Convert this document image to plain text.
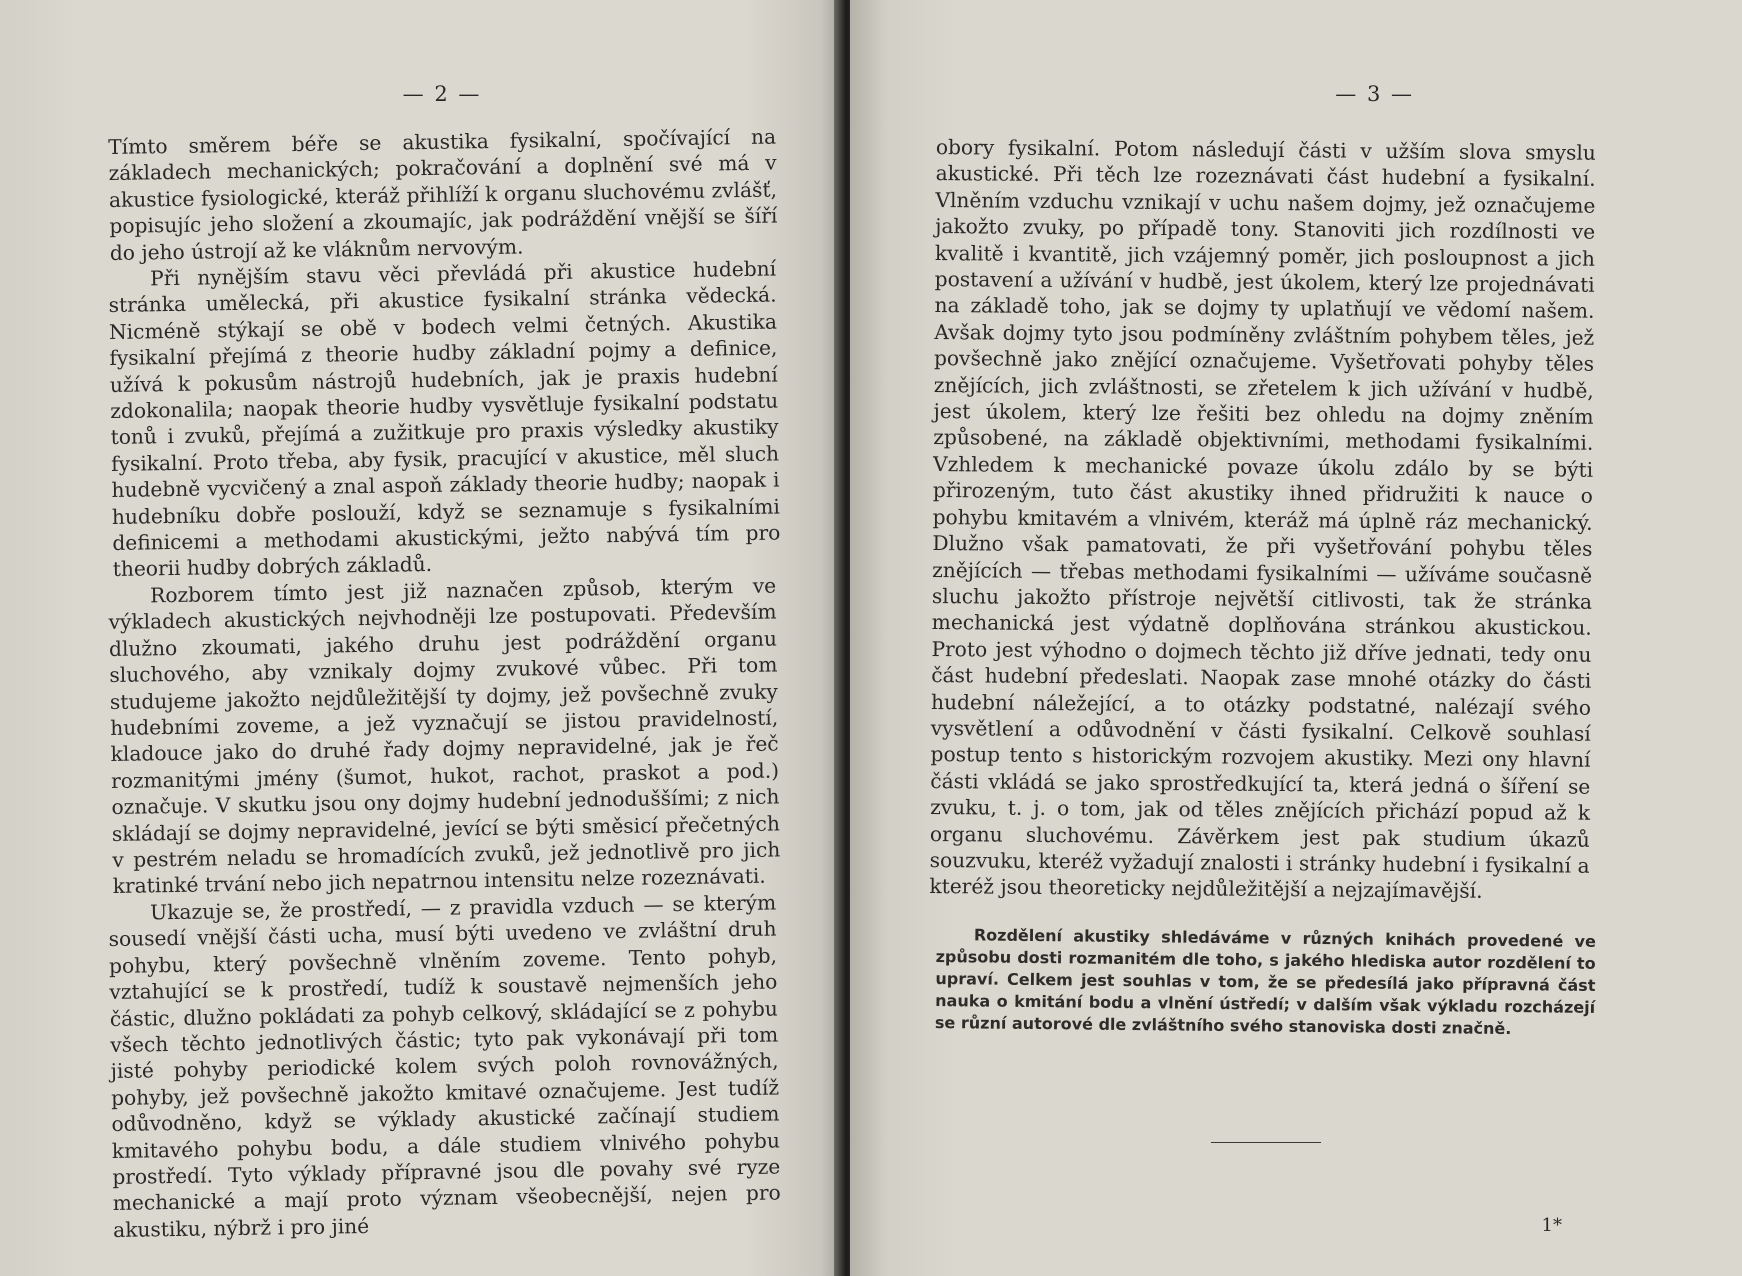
— 2 —

Tímto směrem béře se akustika fysikalní, spočívající na základech mechanických; pokračování a doplnění své má v akustice fysiologické, kteráž přihlíží k organu sluchovému zvlášť, popisujíc jeho složení a zkoumajíc, jak podráždění vnější se šíří do jeho ústrojí až ke vláknům nervovým.

Při nynějším stavu věci převládá při akustice hudební stránka umělecká, při akustice fysikalní stránka vědecká. Nicméně stýkají se obě v bodech velmi četných. Akustika fysikalní přejímá z theorie hudby základní pojmy a definice, užívá k pokusům nástrojů hudebních, jak je praxis hudební zdokonalila; naopak theorie hudby vysvětluje fysikalní podstatu tonů i zvuků, přejímá a zužitkuje pro praxis výsledky akustiky fysikalní. Proto třeba, aby fysik, pracující v akustice, měl sluch hudebně vycvičený a znal aspoň základy theorie hudby; naopak i hudebníku dobře poslouží, když se seznamuje s fysikalními definicemi a methodami akustickými, ježto nabývá tím pro theorii hudby dobrých základů.

Rozborem tímto jest již naznačen způsob, kterým ve výkladech akustických nejvhodněji lze postupovati. Především dlužno zkoumati, jakého druhu jest podráždění organu sluchového, aby vznikaly dojmy zvukové vůbec. Při tom studujeme jakožto nejdůležitější ty dojmy, jež povšechně zvuky hudebními zoveme, a jež vyznačují se jistou pravidelností, kladouce jako do druhé řady dojmy nepravidelné, jak je řeč rozmanitými jmény (šumot, hukot, rachot, praskot a pod.) označuje. V skutku jsou ony dojmy hudební jednoduššími; z nich skládají se dojmy nepravidelné, jevící se býti směsicí přečetných v pestrém neladu se hromadících zvuků, jež jednotlivě pro jich kratinké trvání nebo jich nepatrnou intensitu nelze rozeznávati.

Ukazuje se, že prostředí, — z pravidla vzduch — se kterým sousedí vnější části ucha, musí býti uvedeno ve zvláštní druh pohybu, který povšechně vlněním zoveme. Tento pohyb, vztahující se k prostředí, tudíž k soustavě nejmenších jeho částic, dlužno pokládati za pohyb celkový, skládající se z pohybu všech těchto jednotlivých částic; tyto pak vykonávají při tom jisté pohyby periodické kolem svých poloh rovnovážných, pohyby, jež povšechně jakožto kmitavé označujeme. Jest tudíž odůvodněno, když se výklady akustické začínají studiem kmitavého pohybu bodu, a dále studiem vlnivého pohybu prostředí. Tyto výklady přípravné jsou dle povahy své ryze mechanické a mají proto význam všeobecnější, nejen pro akustiku, nýbrž i pro jiné

— 3 —

obory fysikalní. Potom následují části v užším slova smyslu akustické. Při těch lze rozeznávati část hudební a fysikalní. Vlněním vzduchu vznikají v uchu našem dojmy, jež označujeme jakožto zvuky, po případě tony. Stanoviti jich rozdílnosti ve kvalitě i kvantitě, jich vzájemný poměr, jich posloupnost a jich postavení a užívání v hudbě, jest úkolem, který lze projednávati na základě toho, jak se dojmy ty uplatňují ve vědomí našem. Avšak dojmy tyto jsou podmíněny zvláštním pohybem těles, jež povšechně jako znějící označujeme. Vyšetřovati pohyby těles znějících, jich zvláštnosti, se zřetelem k jich užívání v hudbě, jest úkolem, který lze řešiti bez ohledu na dojmy zněním způsobené, na základě objektivními, methodami fysikalními. Vzhledem k mechanické povaze úkolu zdálo by se býti přirozeným, tuto část akustiky ihned přidružiti k nauce o pohybu kmitavém a vlnivém, kteráž má úplně ráz mechanický. Dlužno však pamatovati, že při vyšetřování pohybu těles znějících — třebas methodami fysikalními — užíváme současně sluchu jakožto přístroje největší citlivosti, tak že stránka mechanická jest výdatně doplňována stránkou akustickou. Proto jest výhodno o dojmech těchto již dříve jednati, tedy onu část hudební předeslati. Naopak zase mnohé otázky do části hudební náležející, a to otázky podstatné, nalézají svého vysvětlení a odůvodnění v části fysikalní. Celkově souhlasí postup tento s historickým rozvojem akustiky. Mezi ony hlavní části vkládá se jako sprostředkující ta, která jedná o šíření se zvuku, t. j. o tom, jak od těles znějících přichází popud až k organu sluchovému. Závěrkem jest pak studium úkazů souzvuku, kteréž vyžadují znalosti i stránky hudební i fysikalní a kteréž jsou theoreticky nejdůležitější a nejzajímavější.

Rozdělení akustiky shledáváme v různých knihách provedené ve způsobu dosti rozmanitém dle toho, s jakého hlediska autor rozdělení to upraví. Celkem jest souhlas v tom, že se předesílá jako přípravná část nauka o kmitání bodu a vlnění ústředí; v dalším však výkladu rozcházejí se různí autorové dle zvláštního svého stanoviska dosti značně.

1*
